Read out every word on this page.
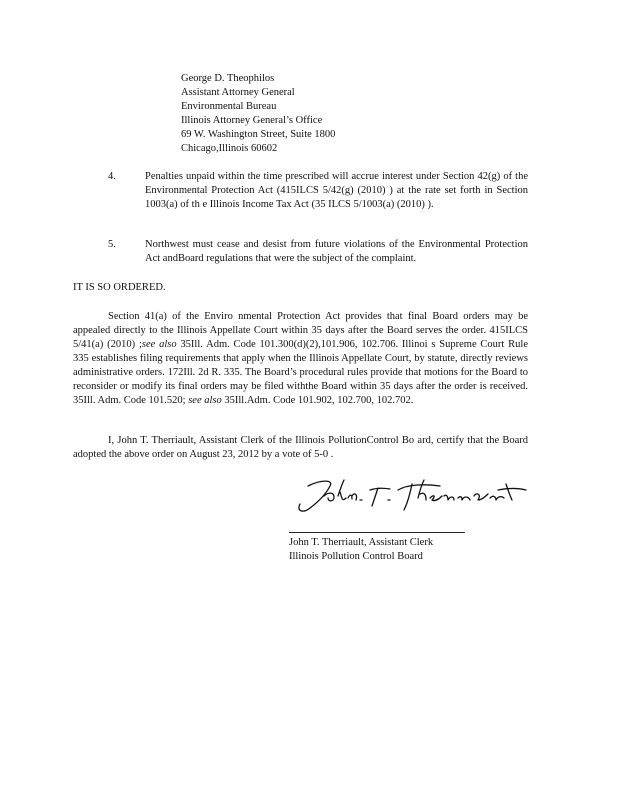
George D. Theophilos
Assistant Attorney General
Environmental Bureau
Illinois Attorney General’s Office
69 W. Washington Street, Suite 1800
Chicago,Illinois 60602
4.	Penalties unpaid within the time prescribed will accrue interest under Section 42(g) of the Environmental Protection Act (415ILCS 5/42(g) (2010) ) at the rate set forth in Section 1003(a) of th e Illinois Income Tax Act (35 ILCS 5/1003(a) (2010) ).
5.	Northwest must cease and desist from future violations of the Environmental Protection Act andBoard regulations that were the subject of the complaint.
IT IS SO ORDERED.
Section 41(a) of the Enviro nmental Protection Act provides that final Board orders may be appealed directly to the Illinois Appellate Court within 35 days after the Board serves the order. 415ILCS 5/41(a) (2010) ;see also 35Ill. Adm. Code 101.300(d)(2),101.906, 102.706. Illinoi s Supreme Court Rule 335 establishes filing requirements that apply when the Illinois Appellate Court, by statute, directly reviews administrative orders. 172Ill. 2d R. 335. The Board’s procedural rules provide that motions for the Board to reconsider or modify its final orders may be filed withthe Board within 35 days after the order is received. 35Ill. Adm. Code 101.520; see also 35Ill.Adm. Code 101.902, 102.700, 102.702.
I, John T. Therriault, Assistant Clerk of the Illinois PollutionControl Bo ard, certify that the Board adopted the above order on August 23, 2012 by a vote of 5-0 .
John T. Therriault, Assistant Clerk
Illinois Pollution Control Board
